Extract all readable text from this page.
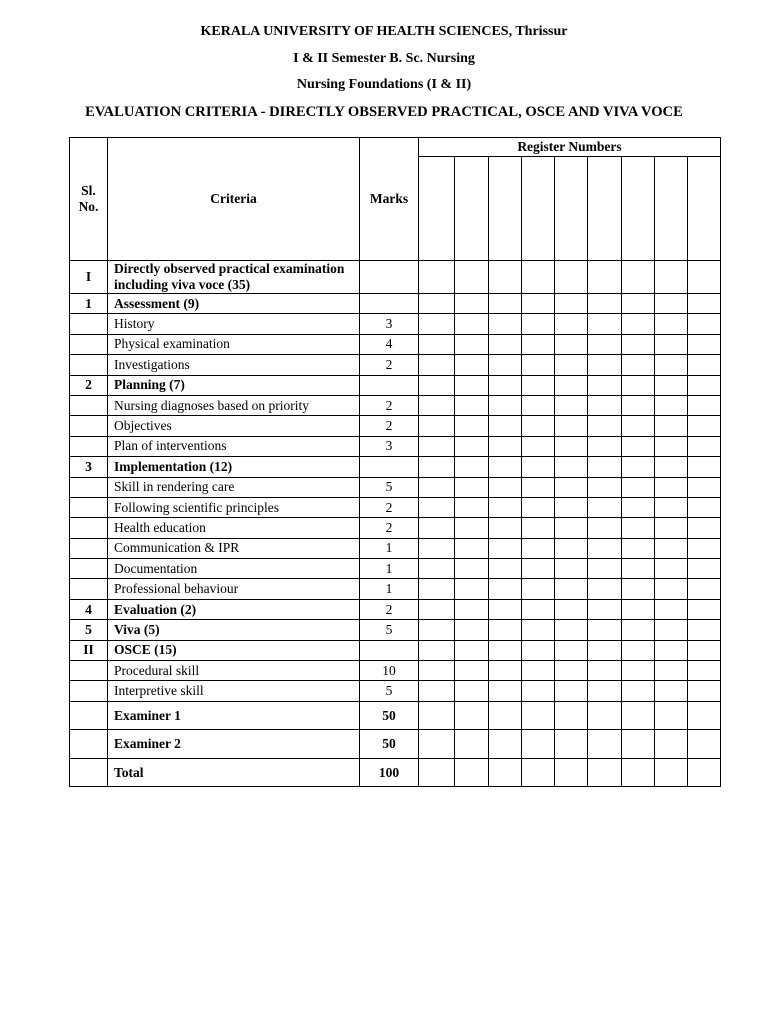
KERALA UNIVERSITY OF HEALTH SCIENCES, Thrissur
I & II Semester B. Sc. Nursing
Nursing Foundations (I & II)
EVALUATION CRITERIA - DIRECTLY OBSERVED PRACTICAL, OSCE AND VIVA VOCE
Sl.
No.	Criteria	Marks	Register Numbers								

I	Directly observed practical examination including viva voce (35)										
1	Assessment (9)										
	History	3									
	Physical examination	4									
	Investigations	2									
2	Planning (7)										
	Nursing diagnoses based on priority	2									
	Objectives	2									
	Plan of interventions	3									
3	Implementation (12)										
	Skill in rendering care	5									
	Following scientific principles	2									
	Health education	2									
	Communication & IPR	1									
	Documentation	1									
	Professional behaviour	1									
4	Evaluation (2)	2									
5	Viva (5)	5									
II	OSCE (15)										
	Procedural skill	10									
	Interpretive skill	5									
	Examiner 1	50									
	Examiner 2	50									
	Total	100									
